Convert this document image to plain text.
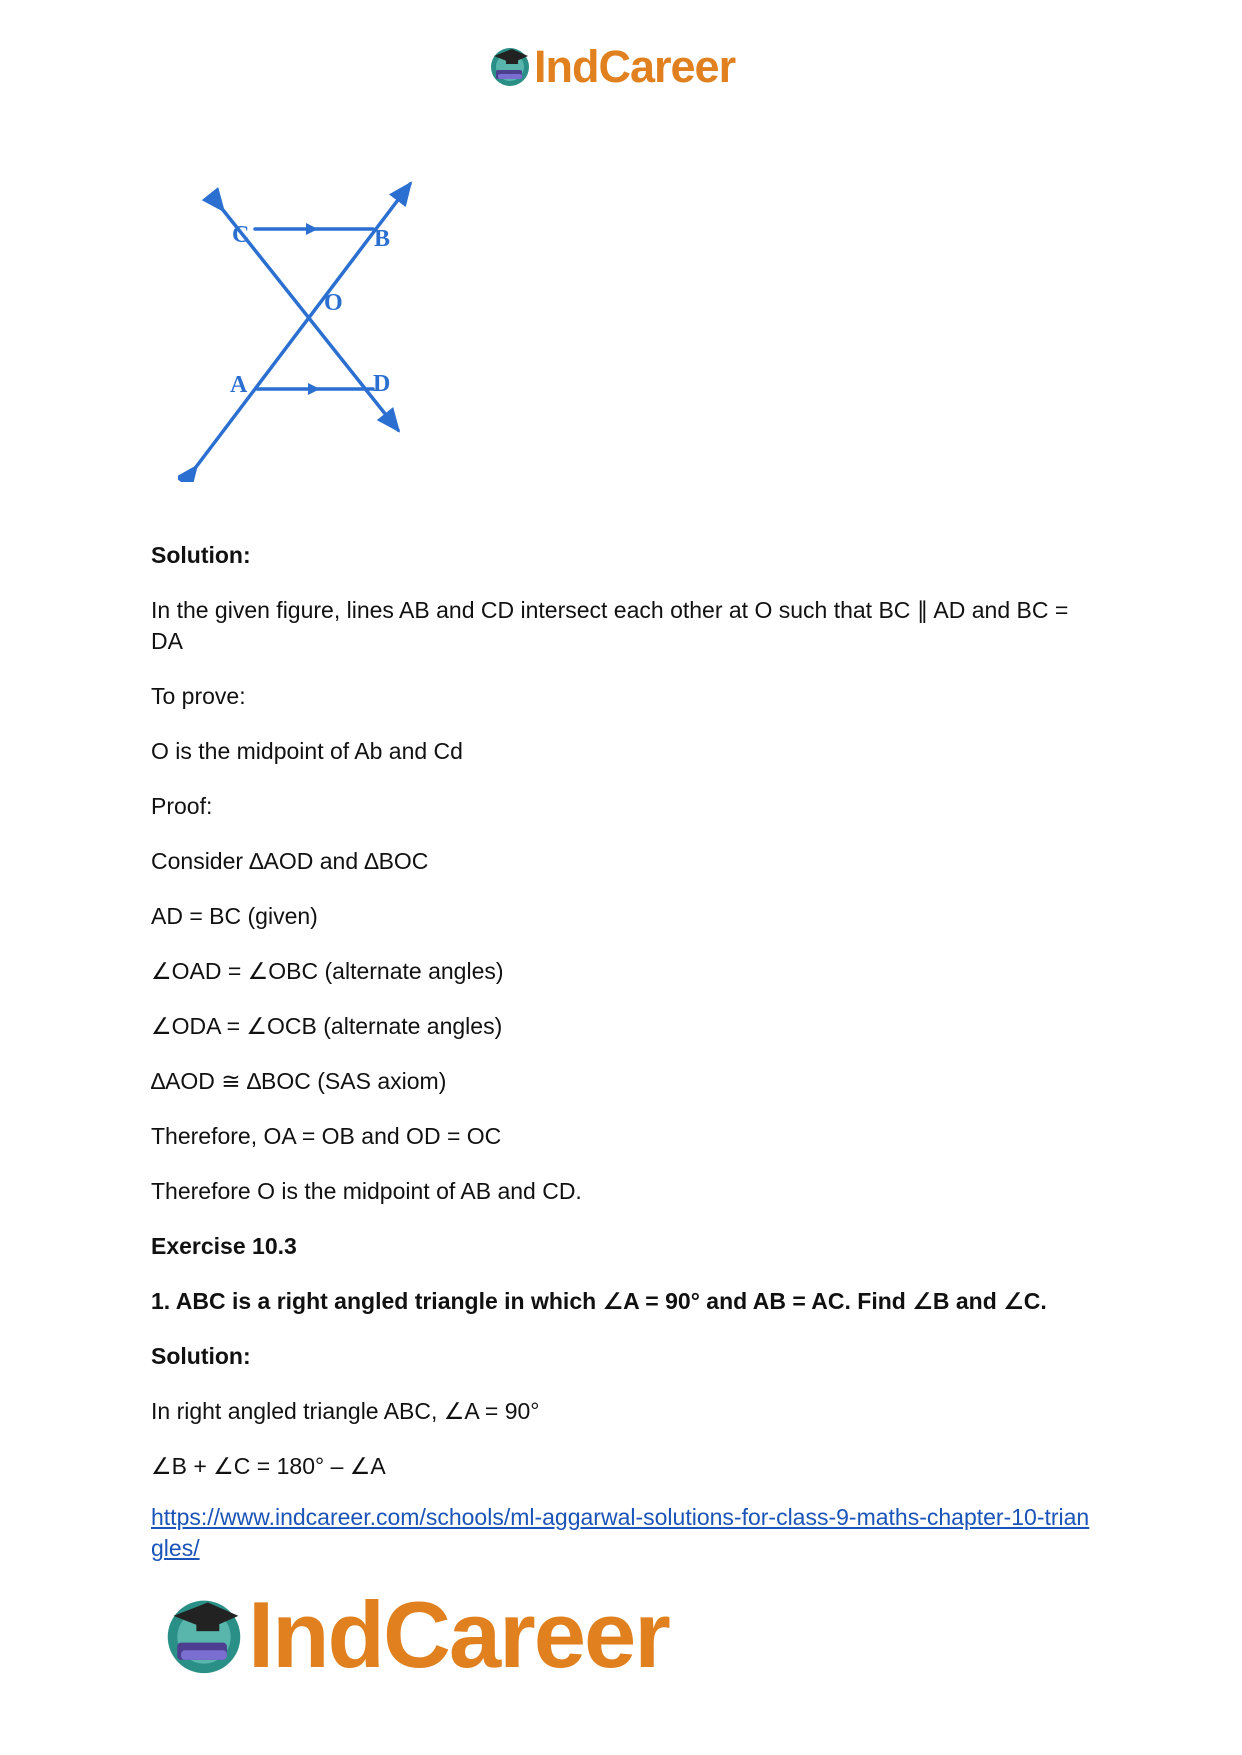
IndCareer
C	B
O
A	D

Solution:

In the given figure, lines AB and CD intersect each other at O such that BC ∥ AD and BC = DA

To prove:

O is the midpoint of Ab and Cd

Proof:

Consider ∆AOD and ∆BOC

AD = BC (given)

∠OAD = ∠OBC (alternate angles)

∠ODA = ∠OCB (alternate angles)

∆AOD ≅ ∆BOC (SAS axiom)

Therefore, OA = OB and OD = OC

Therefore O is the midpoint of AB and CD.

Exercise 10.3

1. ABC is a right angled triangle in which ∠A = 90° and AB = AC. Find ∠B and ∠C.

Solution:

In right angled triangle ABC, ∠A = 90°

∠B + ∠C = 180° – ∠A

https://www.indcareer.com/schools/ml-aggarwal-solutions-for-class-9-maths-chapter-10-triangles/
IndCareer
